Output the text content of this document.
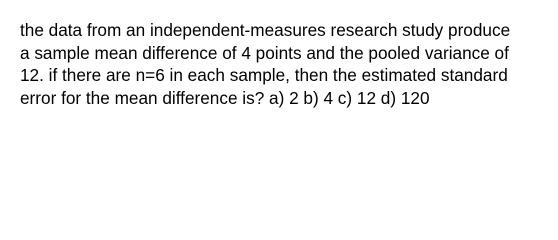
the data from an independent-measures research study produce
a sample mean difference of 4 points and the pooled variance of
12. if there are n=6 in each sample, then the estimated standard
error for the mean difference is? a) 2 b) 4 c) 12 d) 120
